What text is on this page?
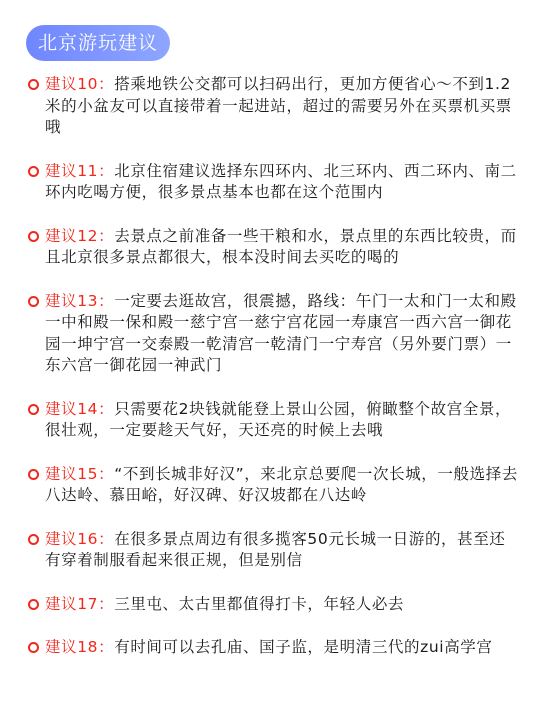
北京游玩建议
建议10：搭乘地铁公交都可以扫码出行，更加方便省心～不到1.2米的小盆友可以直接带着一起进站，超过的需要另外在买票机买票哦
建议11：北京住宿建议选择东四环内、北三环内、西二环内、南二环内吃喝方便，很多景点基本也都在这个范围内
建议12：去景点之前准备一些干粮和水，景点里的东西比较贵，而且北京很多景点都很大，根本没时间去买吃的喝的
建议13：一定要去逛故宫，很震撼，路线：午门一太和门一太和殿一中和殿一保和殿一慈宁宫一慈宁宫花园一寿康宫一西六宫一御花园一坤宁宫一交泰殿一乾清宫一乾清门一宁寿宫（另外要门票）一东六宫一御花园一神武门
建议14：只需要花2块钱就能登上景山公园，俯瞰整个故宫全景，很壮观，一定要趁天气好，天还亮的时候上去哦
建议15：“不到长城非好汉”，来北京总要爬一次长城，一般选择去八达岭、慕田峪，好汉碑、好汉坡都在八达岭
建议16：在很多景点周边有很多揽客50元长城一日游的，甚至还有穿着制服看起来很正规，但是别信
建议17：三里屯、太古里都值得打卡，年轻人必去
建议18：有时间可以去孔庙、国子监，是明清三代的zui高学宫
